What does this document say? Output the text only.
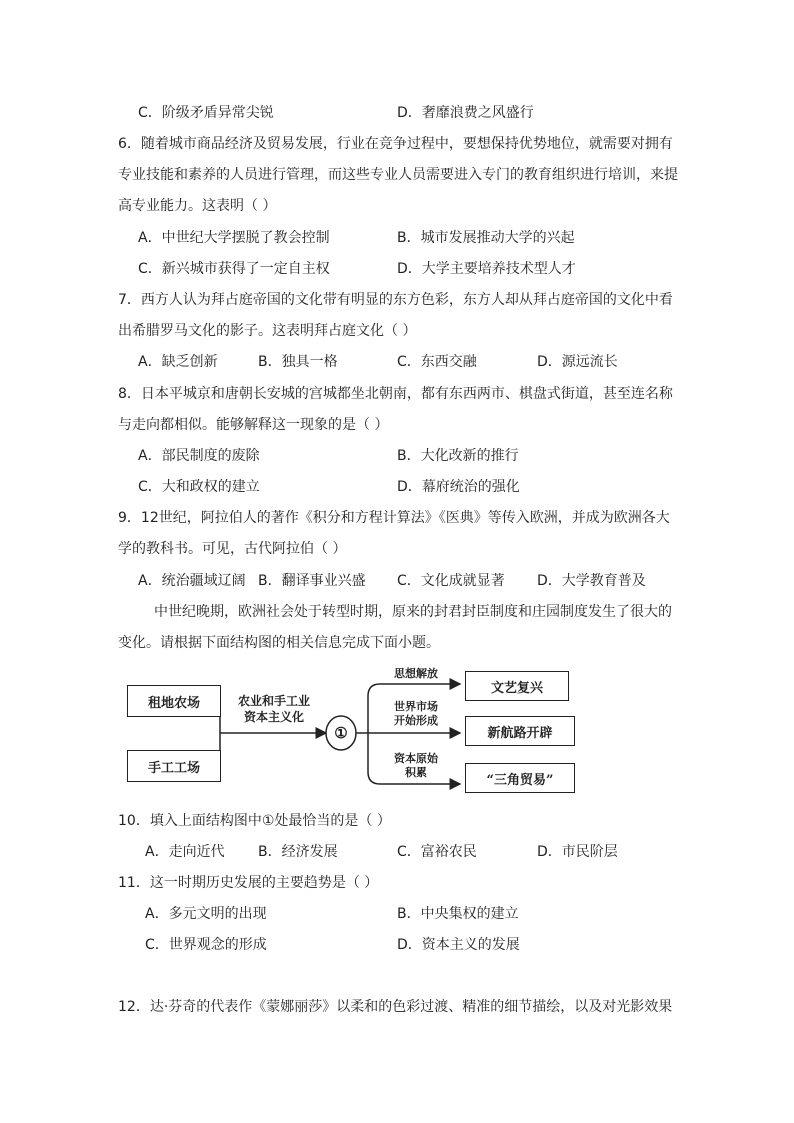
C．阶级矛盾异常尖锐	D．奢靡浪费之风盛行
6．随着城市商品经济及贸易发展，行业在竞争过程中，要想保持优势地位，就需要对拥有
专业技能和素养的人员进行管理，而这些专业人员需要进入专门的教育组织进行培训，来提
高专业能力。这表明（ ）
A．中世纪大学摆脱了教会控制	B．城市发展推动大学的兴起
C．新兴城市获得了一定自主权	D．大学主要培养技术型人才
7．西方人认为拜占庭帝国的文化带有明显的东方色彩，东方人却从拜占庭帝国的文化中看
出希腊罗马文化的影子。这表明拜占庭文化（ ）
A．缺乏创新	B．独具一格	C．东西交融	D．源远流长
8．日本平城京和唐朝长安城的宫城都坐北朝南，都有东西两市、棋盘式街道，甚至连名称
与走向都相似。能够解释这一现象的是（ ）
A．部民制度的废除	B．大化改新的推行
C．大和政权的建立	D．幕府统治的强化
9．12世纪，阿拉伯人的著作《积分和方程计算法》《医典》等传入欧洲，并成为欧洲各大
学的教科书。可见，古代阿拉伯（ ）
A．统治疆域辽阔 B．翻译事业兴盛 C．文化成就显著 D．大学教育普及
中世纪晚期，欧洲社会处于转型时期，原来的封君封臣制度和庄园制度发生了很大的
变化。请根据下面结构图的相关信息完成下面小题。
租地农场
手工工场
农业和手工业
资本主义化
①
思想解放
世界市场
开始形成
资本原始
积累
文艺复兴
新航路开辟
“三角贸易”
10．填入上面结构图中①处最恰当的是（ ）
A．走向近代 B．经济发展	C．富裕农民	D．市民阶层
11．这一时期历史发展的主要趋势是（ ）
A．多元文明的出现	B．中央集权的建立
C．世界观念的形成	D．资本主义的发展
12．达·芬奇的代表作《蒙娜丽莎》以柔和的色彩过渡、精准的细节描绘，以及对光影效果
